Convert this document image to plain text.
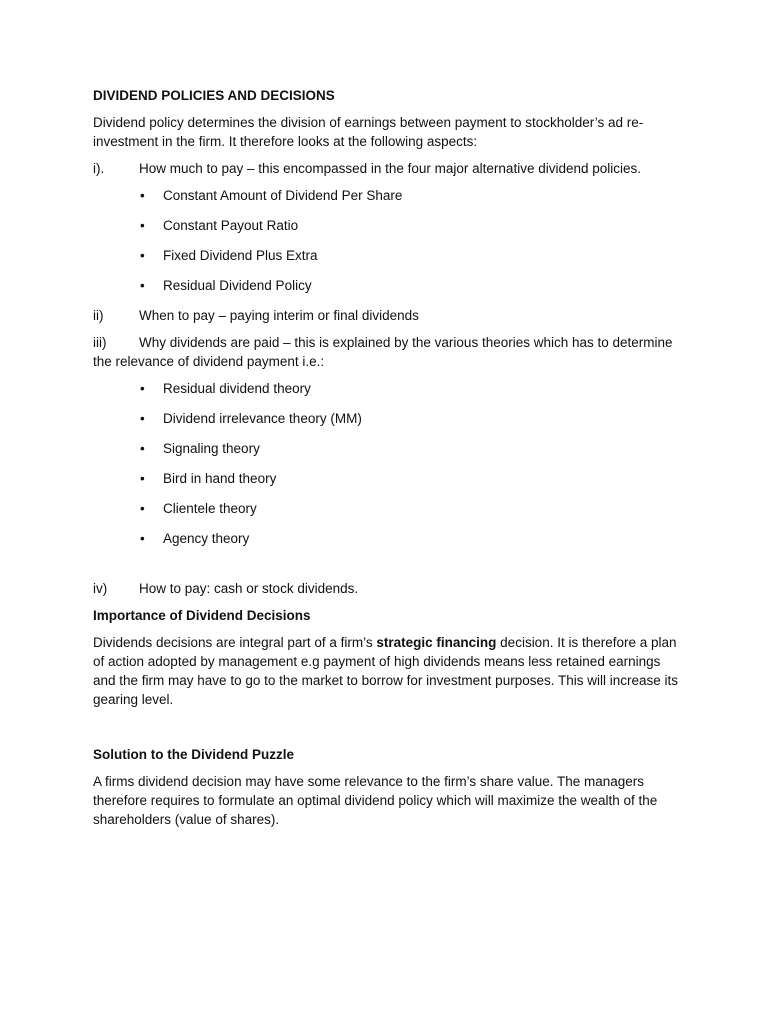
DIVIDEND POLICIES AND DECISIONS

Dividend policy determines the division of earnings between payment to stockholder’s ad re-investment in the firm. It therefore looks at the following aspects:

i).	How much to pay – this encompassed in the four major alternative dividend policies.

• Constant Amount of Dividend Per Share
• Constant Payout Ratio
• Fixed Dividend Plus Extra
• Residual Dividend Policy

ii)	When to pay – paying interim or final dividends

iii) Why dividends are paid – this is explained by the various theories which has to determine the relevance of dividend payment i.e.:

• Residual dividend theory
• Dividend irrelevance theory (MM)
• Signaling theory
• Bird in hand theory
• Clientele theory
• Agency theory

iv) How to pay: cash or stock dividends.

Importance of Dividend Decisions

Dividends decisions are integral part of a firm’s strategic financing decision. It is therefore a plan of action adopted by management e.g payment of high dividends means less retained earnings and the firm may have to go to the market to borrow for investment purposes. This will increase its gearing level.

Solution to the Dividend Puzzle

A firms dividend decision may have some relevance to the firm’s share value. The managers therefore requires to formulate an optimal dividend policy which will maximize the wealth of the shareholders (value of shares).
